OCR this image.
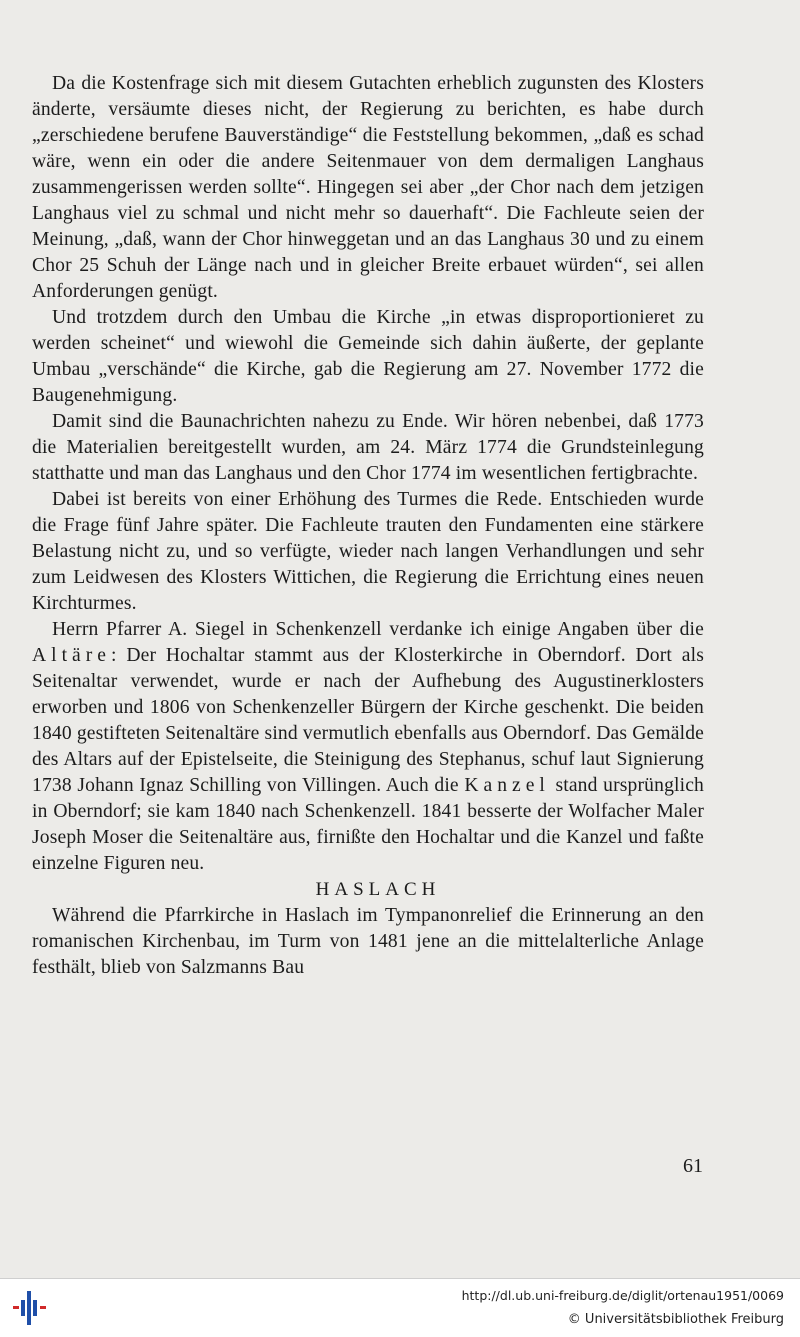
Da die Kostenfrage sich mit diesem Gutachten erheblich zugunsten des Klosters änderte, versäumte dieses nicht, der Regierung zu berichten, es habe durch „zerschiedene berufene Bauverständige“ die Feststellung bekommen, „daß es schad wäre, wenn ein oder die andere Seitenmauer von dem dermaligen Langhaus zusammengerissen werden sollte“. Hingegen sei aber „der Chor nach dem jetzigen Langhaus viel zu schmal und nicht mehr so dauerhaft“. Die Fachleute seien der Meinung, „daß, wann der Chor hinweggetan und an das Langhaus 30 und zu einem Chor 25 Schuh der Länge nach und in gleicher Breite erbauet würden“, sei allen Anforderungen genügt.

Und trotzdem durch den Umbau die Kirche „in etwas disproportionieret zu werden scheinet“ und wiewohl die Gemeinde sich dahin äußerte, der geplante Umbau „verschände“ die Kirche, gab die Regierung am 27. November 1772 die Baugenehmigung.

Damit sind die Baunachrichten nahezu zu Ende. Wir hören nebenbei, daß 1773 die Materialien bereitgestellt wurden, am 24. März 1774 die Grundsteinlegung statthatte und man das Langhaus und den Chor 1774 im wesentlichen fertigbrachte.

Dabei ist bereits von einer Erhöhung des Turmes die Rede. Entschieden wurde die Frage fünf Jahre später. Die Fachleute trauten den Fundamenten eine stärkere Belastung nicht zu, und so verfügte, wieder nach langen Verhandlungen und sehr zum Leidwesen des Klosters Wittichen, die Regierung die Errichtung eines neuen Kirchturmes.

Herrn Pfarrer A. Siegel in Schenkenzell verdanke ich einige Angaben über die Altäre: Der Hochaltar stammt aus der Klosterkirche in Oberndorf. Dort als Seitenaltar verwendet, wurde er nach der Aufhebung des Augustinerklosters erworben und 1806 von Schenkenzeller Bürgern der Kirche geschenkt. Die beiden 1840 gestifteten Seitenaltäre sind vermutlich ebenfalls aus Oberndorf. Das Gemälde des Altars auf der Epistelseite, die Steinigung des Stephanus, schuf laut Signierung 1738 Johann Ignaz Schilling von Villingen. Auch die Kanzel stand ursprünglich in Oberndorf; sie kam 1840 nach Schenkenzell. 1841 besserte der Wolfacher Maler Joseph Moser die Seitenaltäre aus, firnißte den Hochaltar und die Kanzel und faßte einzelne Figuren neu.

HASLACH

Während die Pfarrkirche in Haslach im Tympanonrelief die Erinnerung an den romanischen Kirchenbau, im Turm von 1481 jene an die mittelalterliche Anlage festhält, blieb von Salzmanns Bau

61
http://dl.ub.uni-freiburg.de/diglit/ortenau1951/0069
© Universitätsbibliothek Freiburg
